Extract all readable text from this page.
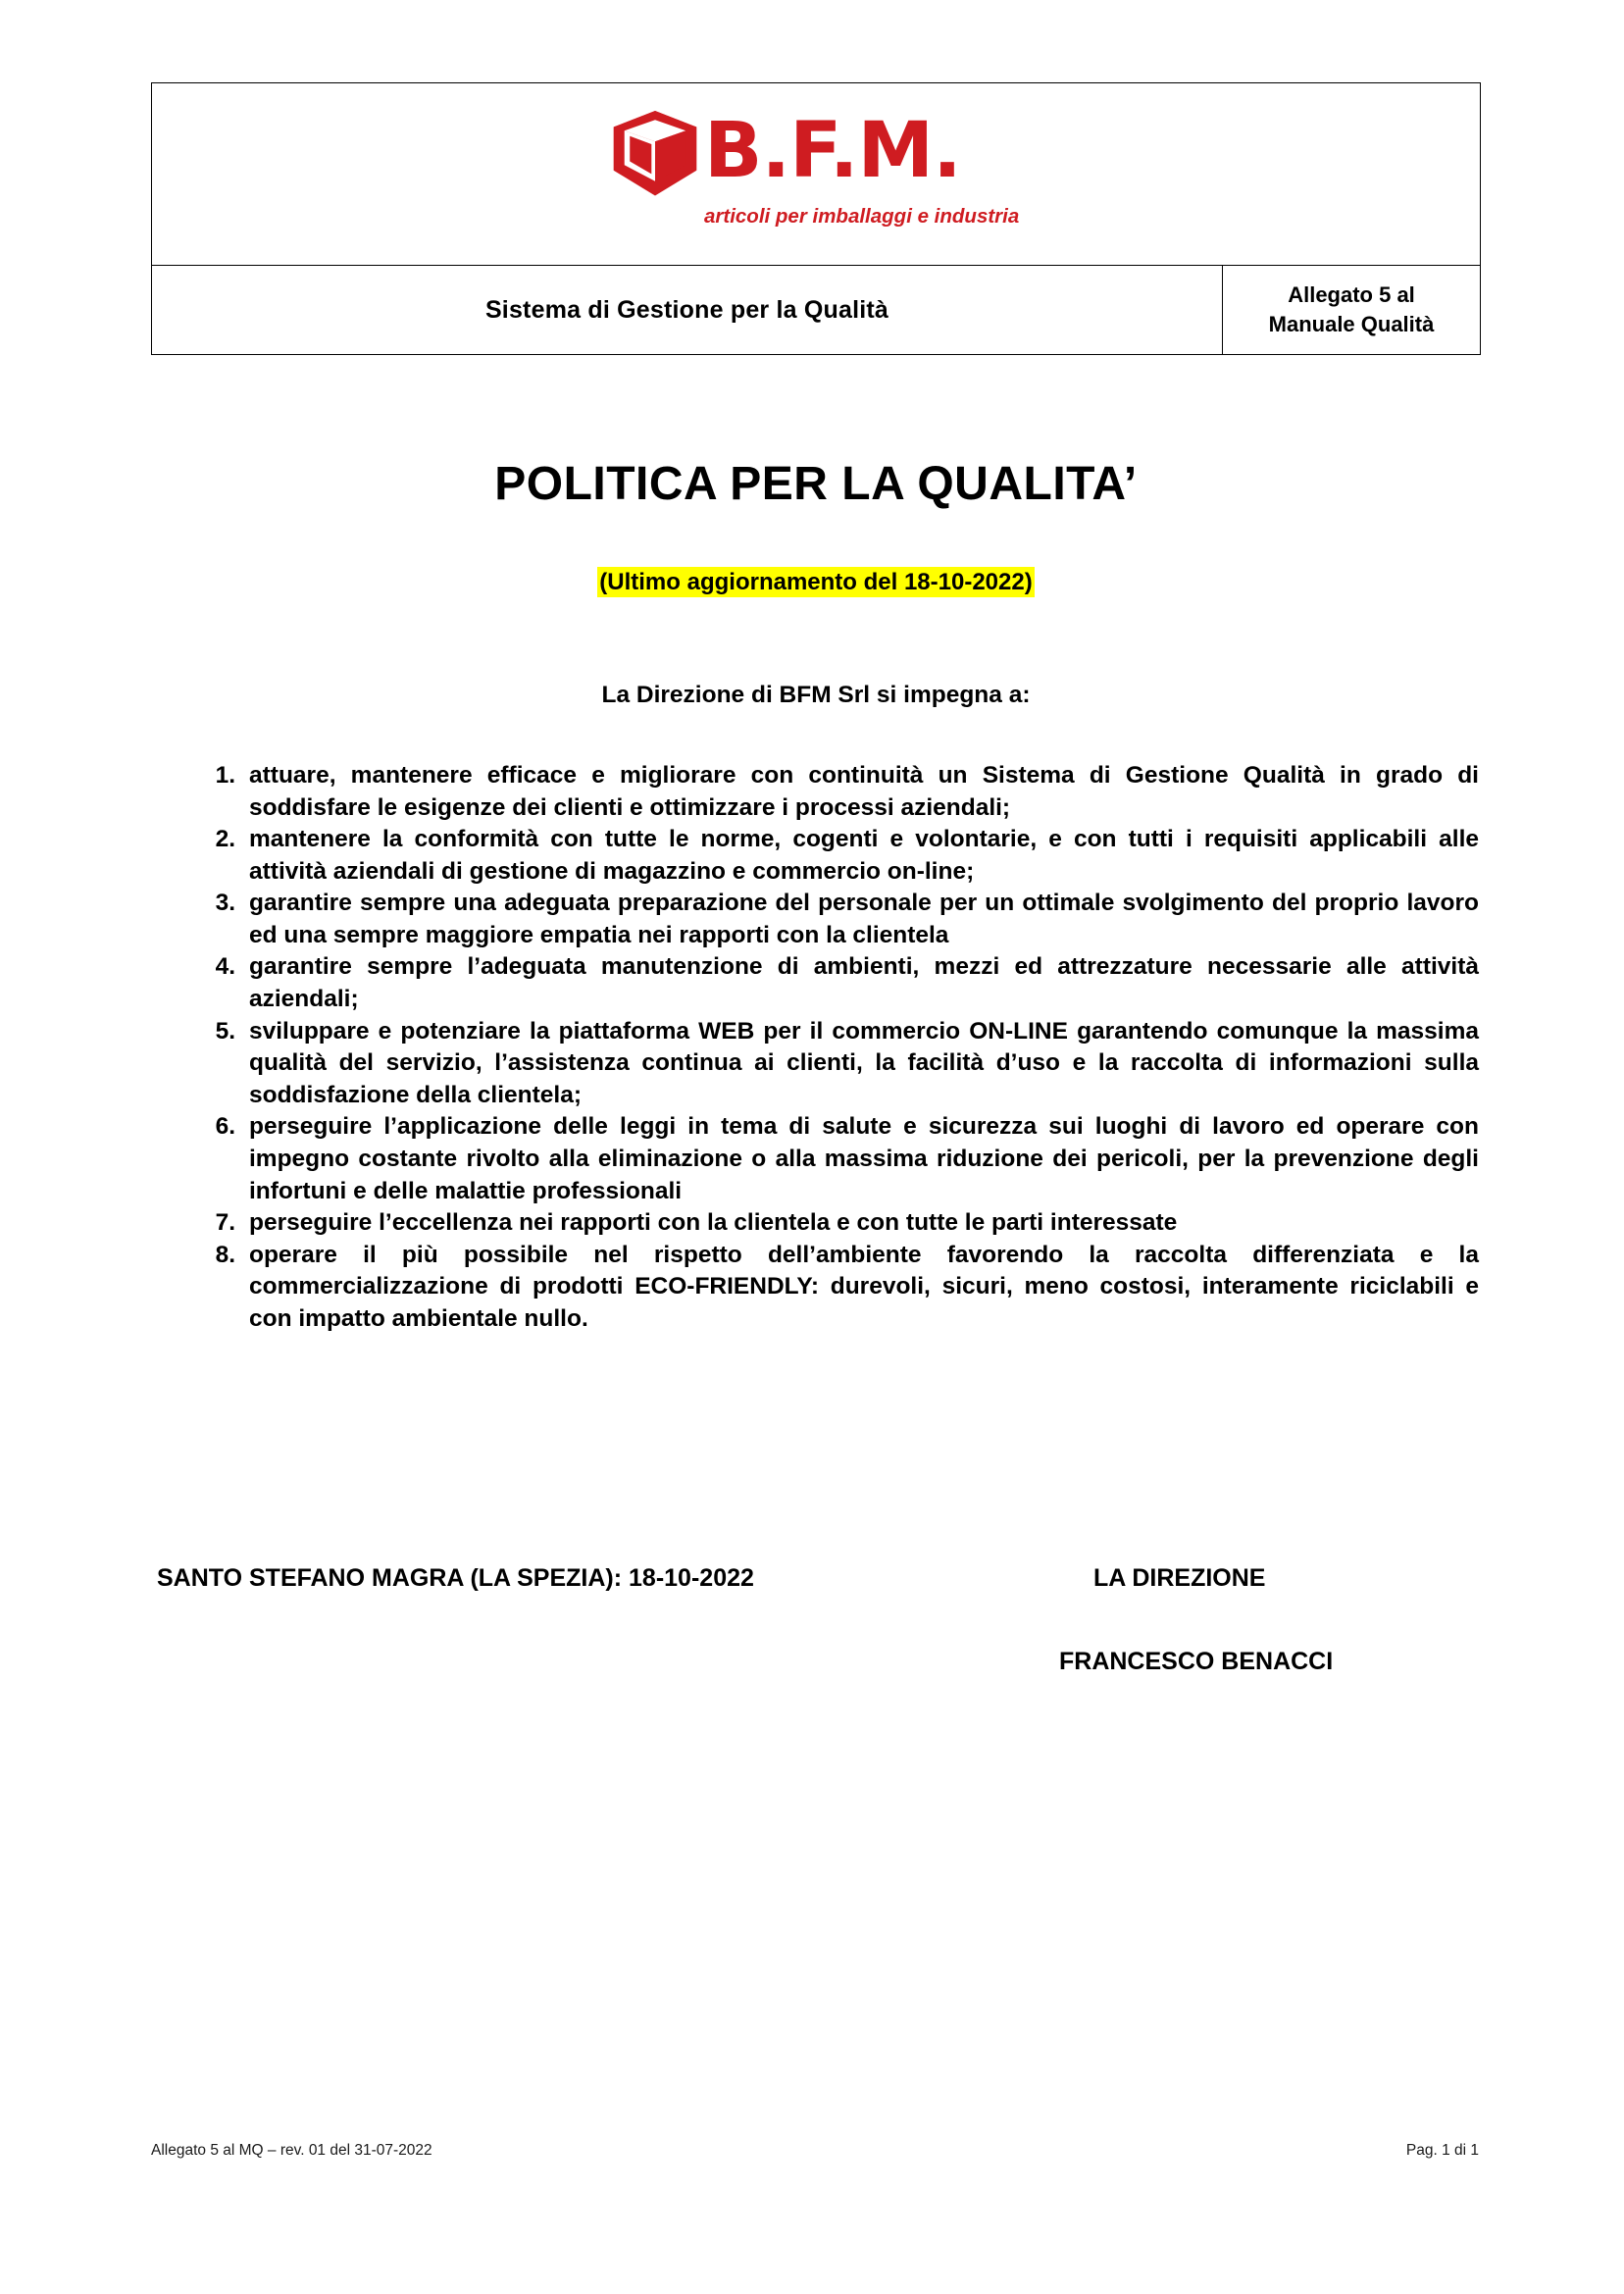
B.F.M.
articoli per imballaggi e industria

Sistema di Gestione per la Qualità	
Allegato 5 al
Manuale Qualità
POLITICA PER LA QUALITA’
(Ultimo aggiornamento del 18-10-2022)
La Direzione di BFM Srl si impegna a:
1. attuare, mantenere efficace e migliorare con continuità un Sistema di Gestione Qualità in grado di soddisfare le esigenze dei clienti e ottimizzare i processi aziendali;
2. mantenere la conformità con tutte le norme, cogenti e volontarie, e con tutti i requisiti applicabili alle attività aziendali di gestione di magazzino e commercio on-line;
3. garantire sempre una adeguata preparazione del personale per un ottimale svolgimento del proprio lavoro ed una sempre maggiore empatia nei rapporti con la clientela
4. garantire sempre l’adeguata manutenzione di ambienti, mezzi ed attrezzature necessarie alle attività aziendali;
5. sviluppare e potenziare la piattaforma WEB per il commercio ON-LINE garantendo comunque la massima qualità del servizio, l’assistenza continua ai clienti, la facilità d’uso e la raccolta di informazioni sulla soddisfazione della clientela;
6. perseguire l’applicazione delle leggi in tema di salute e sicurezza sui luoghi di lavoro ed operare con impegno costante rivolto alla eliminazione o alla massima riduzione dei pericoli, per la prevenzione degli infortuni e delle malattie professionali
7. perseguire l’eccellenza nei rapporti con la clientela e con tutte le parti interessate
8. operare il più possibile nel rispetto dell’ambiente favorendo la raccolta differenziata e la commercializzazione di prodotti ECO-FRIENDLY: durevoli, sicuri, meno costosi, interamente riciclabili e con impatto ambientale nullo.
SANTO STEFANO MAGRA (LA SPEZIA): 18-10-2022	LA DIREZIONE
FRANCESCO BENACCI
Allegato 5 al MQ – rev. 01 del 31-07-2022	Pag. 1 di 1
